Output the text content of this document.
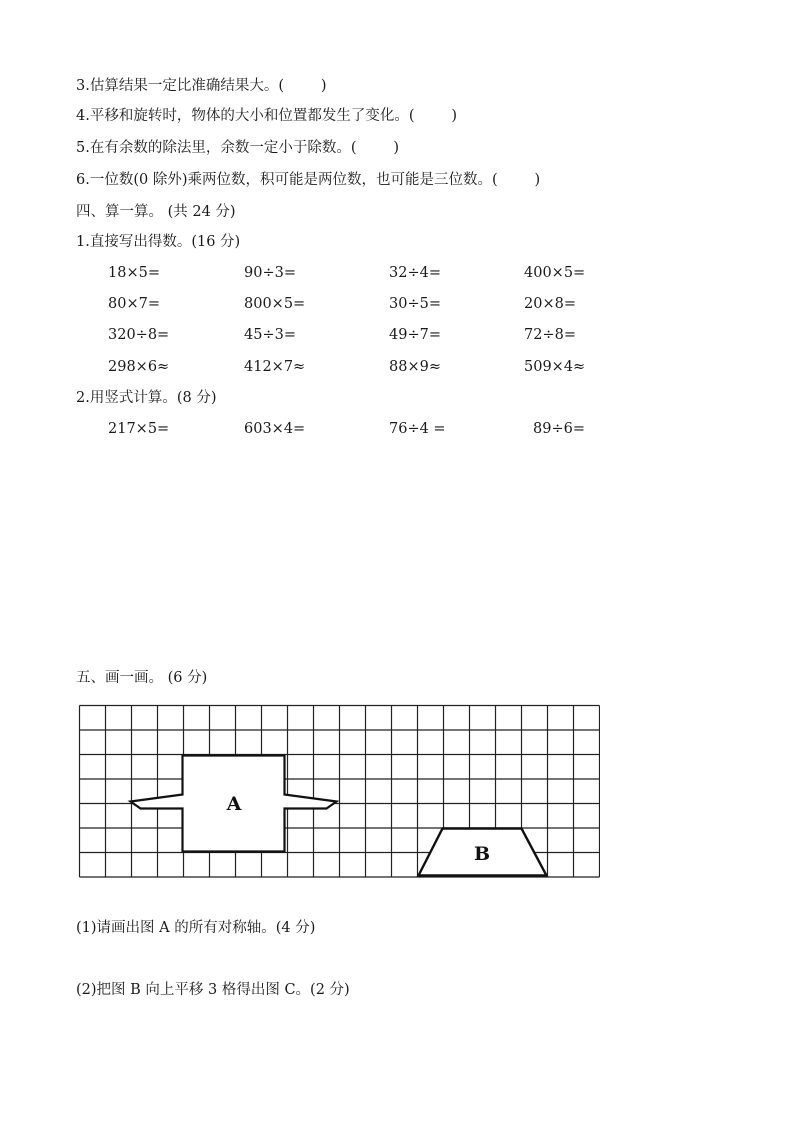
3.估算结果一定比准确结果大。(        )
4.平移和旋转时，物体的大小和位置都发生了变化。(        )
5.在有余数的除法里，余数一定小于除数。(        )
6.一位数(0 除外)乘两位数，积可能是两位数，也可能是三位数。(        )
四、算一算。 (共 24 分)
1.直接写出得数。(16 分)
18×5=	90÷3=	32÷4=	400×5=
80×7=	800×5=	30÷5=	20×8=
320÷8=	45÷3=	49÷7=	72÷8=
298×6≈	412×7≈	88×9≈	509×4≈
2.用竖式计算。(8 分)
217×5=	603×4=	76÷4 =	89÷6=
五、画一画。 (6 分)
A
B
(1)请画出图 A 的所有对称轴。(4 分)
(2)把图 B 向上平移 3 格得出图 C。(2 分)
